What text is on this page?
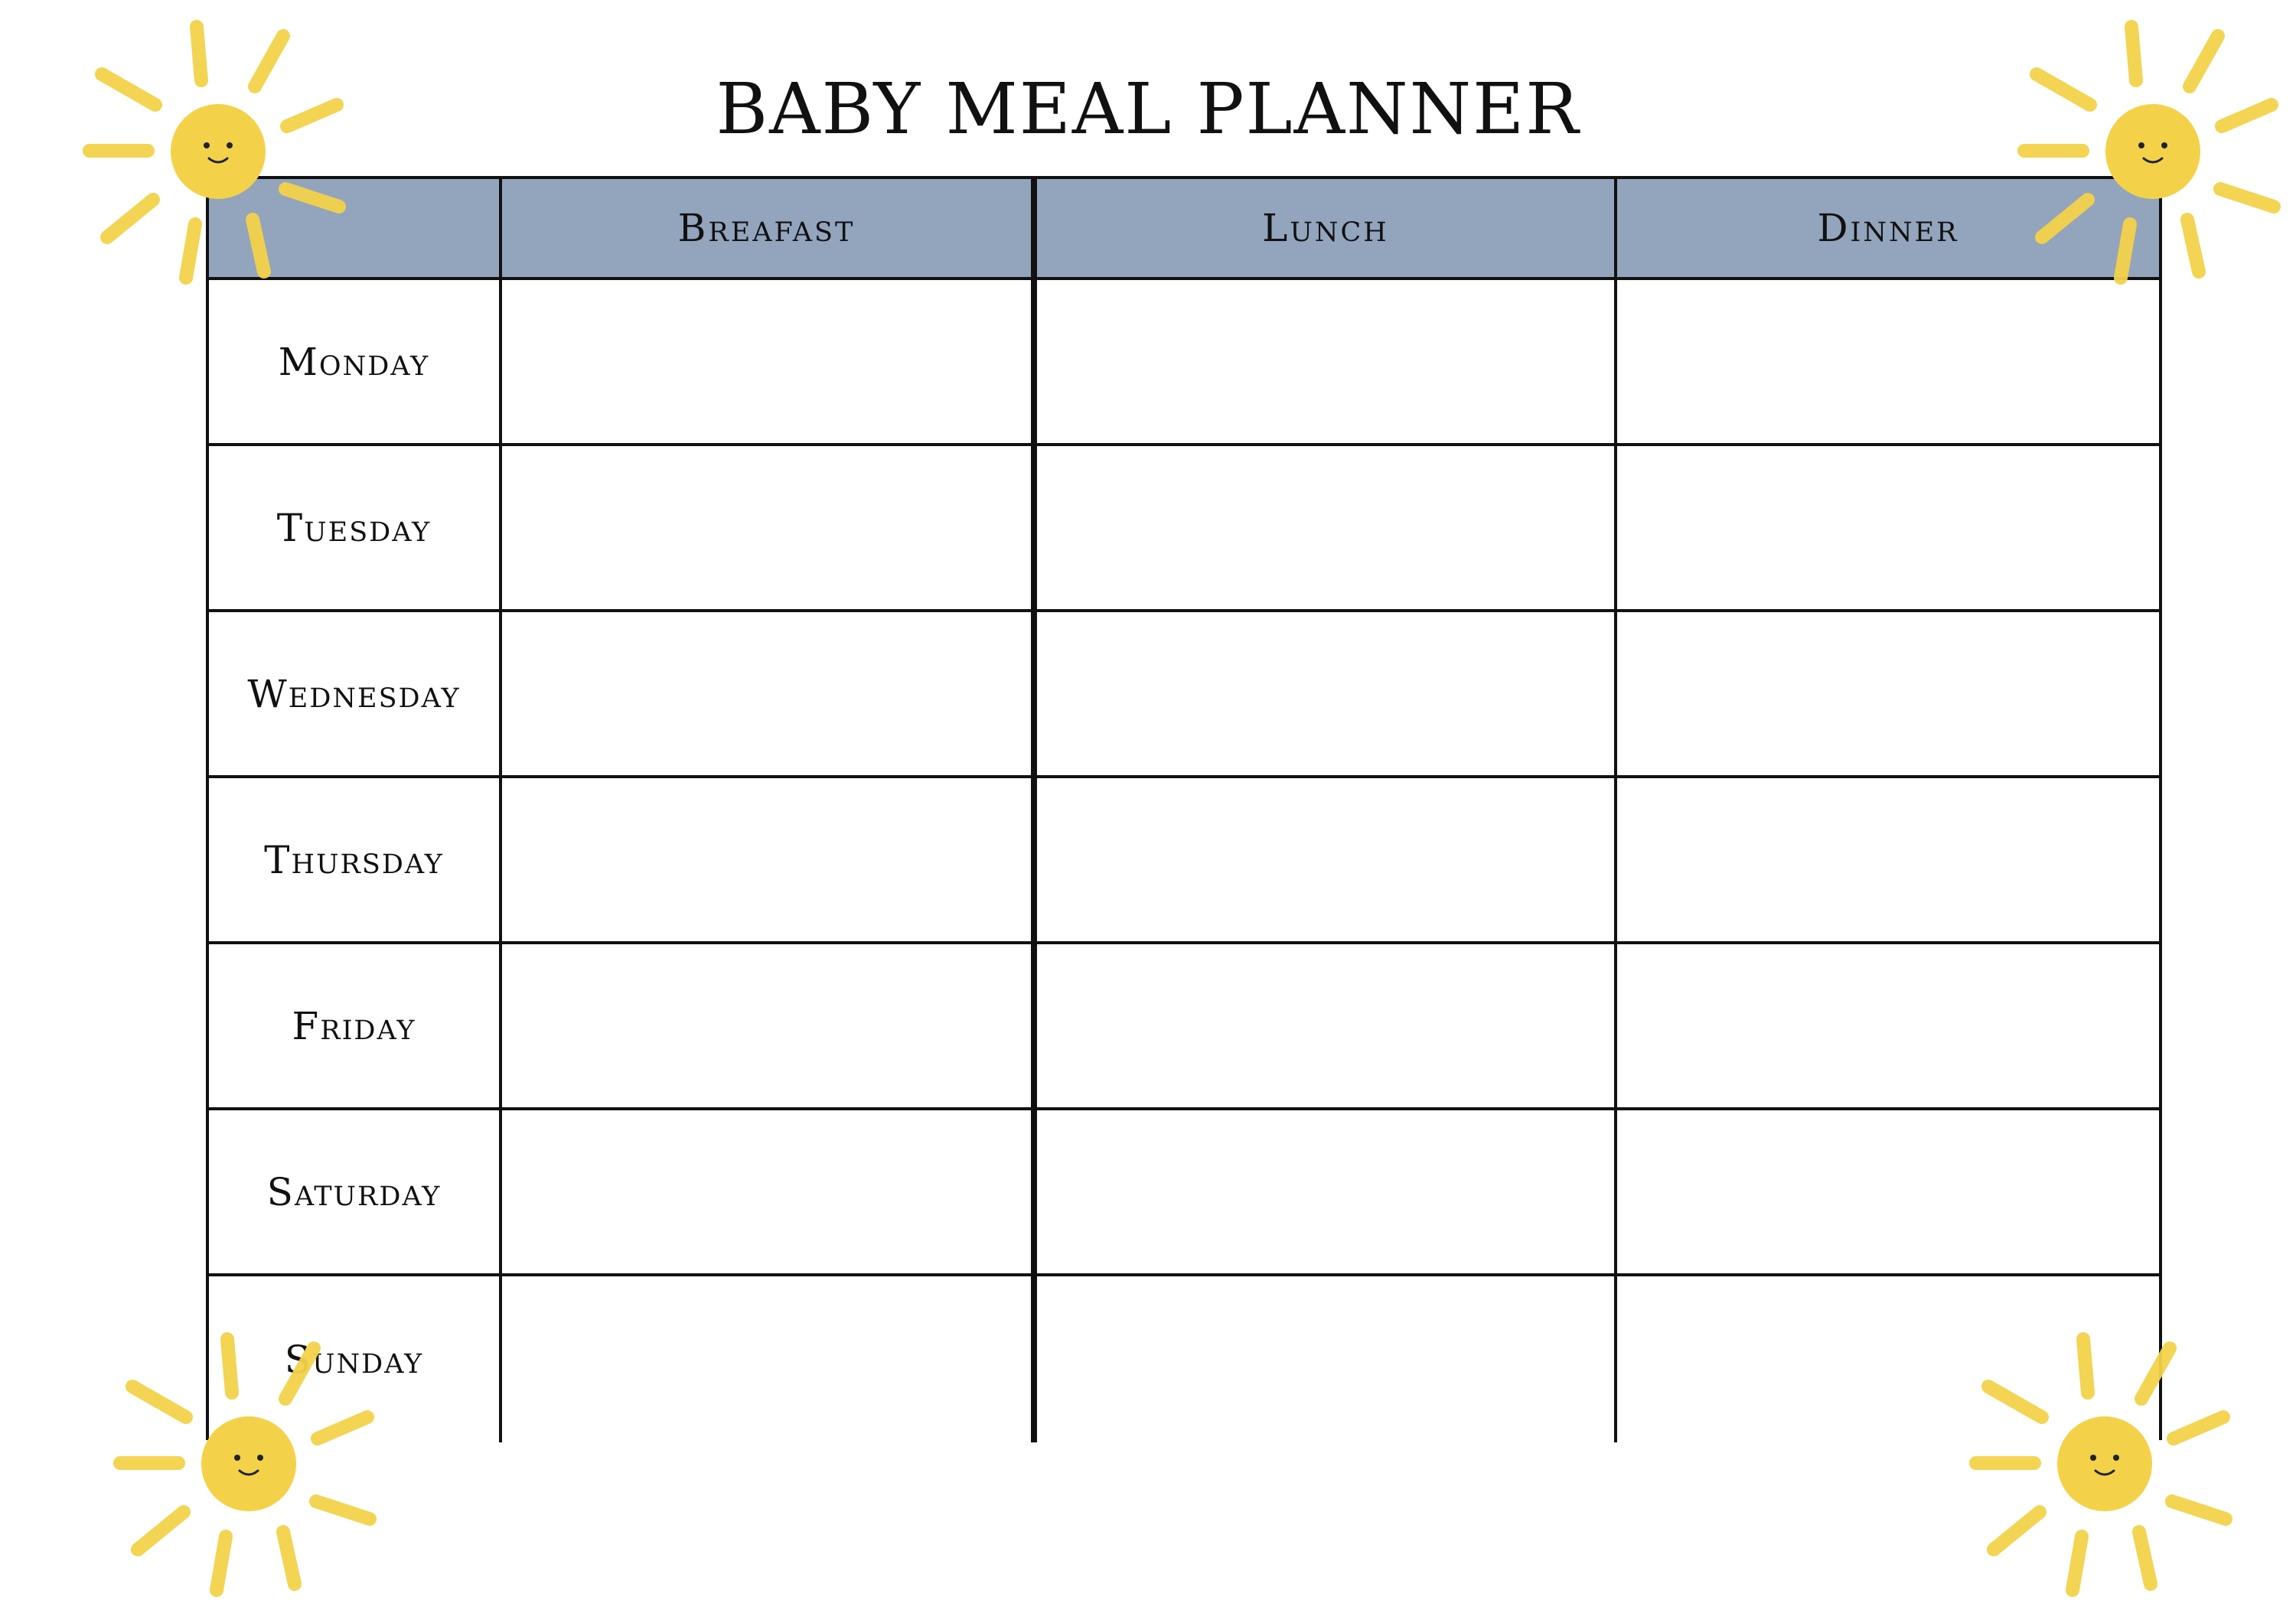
BABY MEAL PLANNER
Breafast	Lunch	Dinner
Monday
Tuesday
Wednesday
Thursday
Friday
Saturday
Sunday
